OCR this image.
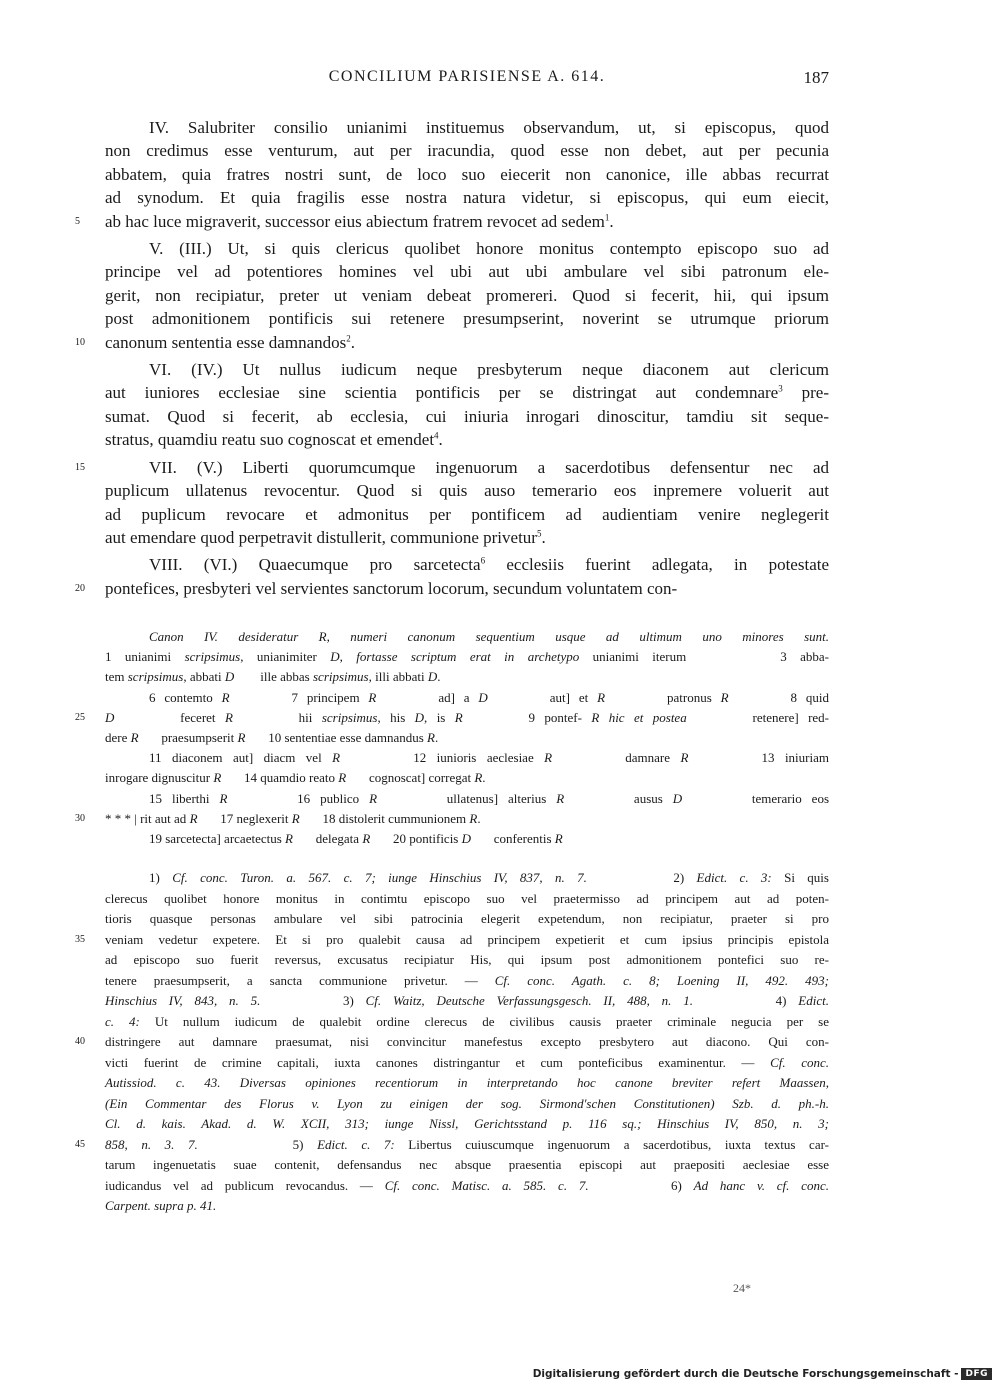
CONCILIUM PARISIENSE A. 614.	187
IV. Salubriter consilio unianimi instituemus observandum, ut, si episcopus, quod
non credimus esse venturum, aut per iracundia, quod esse non debet, aut per pecunia
abbatem, quia fratres nostri sunt, de loco suo eiecerit non canonice, ille abbas recurrat
ad synodum. Et quia fragilis esse nostra natura videtur, si episcopus, qui eum eiecit,
5	ab hac luce migraverit, successor eius abiectum fratrem revocet ad sedem$^1$.
V. (III.) Ut, si quis clericus quolibet honore monitus contempto episcopo suo ad
principe vel ad potentiores homines vel ubi aut ubi ambulare vel sibi patronum ele-
gerit, non recipiatur, preter ut veniam debeat promereri. Quod si fecerit, hii, qui ipsum
post admonitionem pontificis sui retenere presumpserint, noverint se utrumque priorum
10	canonum sententia esse damnandos$^2$.
VI. (IV.) Ut nullus iudicum neque presbyterum neque diaconem aut clericum
aut iuniores ecclesiae sine scientia pontificis per se distringat aut condemnare$^3$ pre-
sumat. Quod si fecerit, ab ecclesia, cui iniuria inrogari dinoscitur, tamdiu sit seque-
stratus, quamdiu reatu suo cognoscat et emendet$^4$.
15	VII. (V.) Liberti quorumcumque ingenuorum a sacerdotibus defensentur nec ad
puplicum ullatenus revocentur. Quod si quis auso temerario eos inpremere voluerit aut
ad puplicum revocare et admonitus per pontificem ad audientiam venire neglegerit
aut emendare quod perpetravit distullerit, communione privetur$^5$.
VIII. (VI.) Quaecumque pro sarcetecta$^6$ ecclesiis fuerint adlegata, in potestate
20	pontefices, presbyteri vel servientes sanctorum locorum, secundum voluntatem con-
Canon IV. desideratur R, numeri canonum sequentium usque ad ultimum uno minores sunt.
1 unianimi scripsimus, unianimiter D, fortasse scriptum erat in archetypo unianimi iterum       3 abba-
tem scripsimus, abbati D        ille abbas scripsimus, illi abbati D.
6 contemto R       7 principem R       ad] a D       aut] et R       patronus R       8 quid
25	D       feceret R       hii scripsimus, his D, is R       9 pontef- R hic et postea       retenere] red-
dere R       praesumpserit R       10 sententiae esse damnandus R.
11 diaconem aut] diacm vel R       12 iunioris aeclesiae R       damnare R       13 iniuriam
inrogare dignuscitur R       14 quamdio reato R       cognoscat] corregat R.
15 liberthi R       16 publico R       ullatenus] alterius R       ausus D       temerario eos
30	* * * | rit aut ad R       17 neglexerit R       18 distolerit cummunionem R.
19 sarcetecta] arcaetectus R       delegata R       20 pontificis D       conferentis R
1) Cf. conc. Turon. a. 567. c. 7; iunge Hinschius IV, 837, n. 7.       2) Edict. c. 3: Si quis
clerecus quolibet honore monitus in contimtu episcopo suo vel praetermisso ad principem aut ad poten-
tioris quasque personas ambulare vel sibi patrocinia elegerit expetendum, non recipiatur, praeter si pro
35	veniam vedetur expetere. Et si pro qualebit causa ad principem expetierit et cum ipsius principis epistola
ad episcopo suo fuerit reversus, excusatus recipiatur His, qui ipsum post admonitionem pontefici suo re-
tenere praesumpserit, a sancta communione privetur. — Cf. conc. Agath. c. 8; Loening II, 492. 493;
Hinschius IV, 843, n. 5.       3) Cf. Waitz, Deutsche Verfassungsgesch. II, 488, n. 1.       4) Edict.
c. 4: Ut nullum iudicum de qualebit ordine clerecus de civilibus causis praeter criminale negucia per se
40	distringere aut damnare praesumat, nisi convincitur manefestus excepto presbytero aut diacono. Qui con-
victi fuerint de crimine capitali, iuxta canones distringantur et cum ponteficibus examinentur. — Cf. conc.
Autissiod. c. 43. Diversas opiniones recentiorum in interpretando hoc canone breviter refert Maassen,
(Ein Commentar des Florus v. Lyon zu einigen der sog. Sirmond'schen Constitutionen) Szb. d. ph.-h.
Cl. d. kais. Akad. d. W. XCII, 313; iunge Nissl, Gerichtsstand p. 116 sq.; Hinschius IV, 850, n. 3;
45	858, n. 3. 7.       5) Edict. c. 7: Libertus cuiuscumque ingenuorum a sacerdotibus, iuxta textus car-
tarum ingenuetatis suae contenit, defensandus nec absque praesentia episcopi aut praepositi aeclesiae esse
iudicandus vel ad publicum revocandus. — Cf. conc. Matisc. a. 585. c. 7.       6) Ad hanc v. cf. conc.
Carpent. supra p. 41.
24*
Digitalisierung gefördert durch die Deutsche Forschungsgemeinschaft - DFG
